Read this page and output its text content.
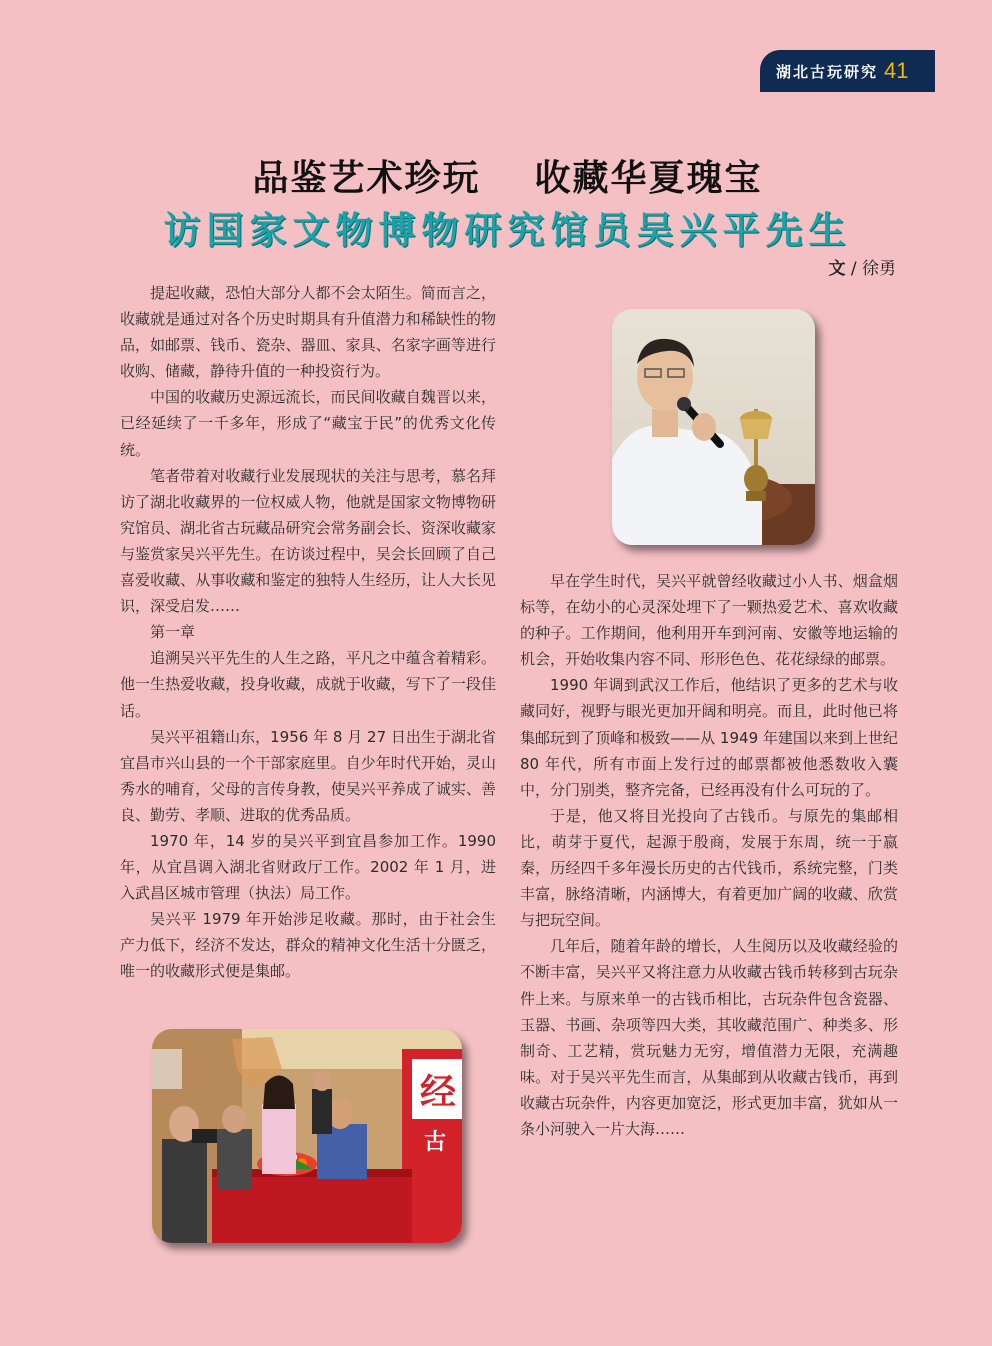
湖北古玩研究 41
品鉴艺术珍玩 收藏华夏瑰宝
访国家文物博物研究馆员吴兴平先生
文 / 徐勇

提起收藏，恐怕大部分人都不会太陌生。简而言之，收藏就是通过对各个历史时期具有升值潜力和稀缺性的物品，如邮票、钱币、瓷杂、器皿、家具、名家字画等进行收购、储藏，静待升值的一种投资行为。

中国的收藏历史源远流长，而民间收藏自魏晋以来，已经延续了一千多年，形成了“藏宝于民”的优秀文化传统。

笔者带着对收藏行业发展现状的关注与思考，慕名拜访了湖北收藏界的一位权威人物，他就是国家文物博物研究馆员、湖北省古玩藏品研究会常务副会长、资深收藏家与鉴赏家吴兴平先生。在访谈过程中，吴会长回顾了自己喜爱收藏、从事收藏和鉴定的独特人生经历，让人大长见识，深受启发……

第一章

追溯吴兴平先生的人生之路，平凡之中蕴含着精彩。他一生热爱收藏，投身收藏，成就于收藏，写下了一段佳话。

吴兴平祖籍山东，1956 年 8 月 27 日出生于湖北省宜昌市兴山县的一个干部家庭里。自少年时代开始，灵山秀水的哺育，父母的言传身教，使吴兴平养成了诚实、善良、勤劳、孝顺、进取的优秀品质。

1970 年，14 岁的吴兴平到宜昌参加工作。1990 年，从宜昌调入湖北省财政厅工作。2002 年 1 月，进入武昌区城市管理（执法）局工作。

吴兴平 1979 年开始涉足收藏。那时，由于社会生产力低下，经济不发达，群众的精神文化生活十分匮乏，唯一的收藏形式便是集邮。

早在学生时代，吴兴平就曾经收藏过小人书、烟盒烟标等，在幼小的心灵深处埋下了一颗热爱艺术、喜欢收藏的种子。工作期间，他利用开车到河南、安徽等地运输的机会，开始收集内容不同、形形色色、花花绿绿的邮票。

1990 年调到武汉工作后，他结识了更多的艺术与收藏同好，视野与眼光更加开阔和明亮。而且，此时他已将集邮玩到了顶峰和极致——从 1949 年建国以来到上世纪 80 年代，所有市面上发行过的邮票都被他悉数收入囊中，分门别类，整齐完备，已经再没有什么可玩的了。

于是，他又将目光投向了古钱币。与原先的集邮相比，萌芽于夏代，起源于殷商，发展于东周，统一于嬴秦，历经四千多年漫长历史的古代钱币，系统完整，门类丰富，脉络清晰，内涵博大，有着更加广阔的收藏、欣赏与把玩空间。

几年后，随着年龄的增长，人生阅历以及收藏经验的不断丰富，吴兴平又将注意力从收藏古钱币转移到古玩杂件上来。与原来单一的古钱币相比，古玩杂件包含瓷器、玉器、书画、杂项等四大类，其收藏范围广、种类多、形制奇、工艺精，赏玩魅力无穷，增值潜力无限，充满趣味。对于吴兴平先生而言，从集邮到从收藏古钱币，再到收藏古玩杂件，内容更加宽泛，形式更加丰富，犹如从一条小河驶入一片大海……

经
古
